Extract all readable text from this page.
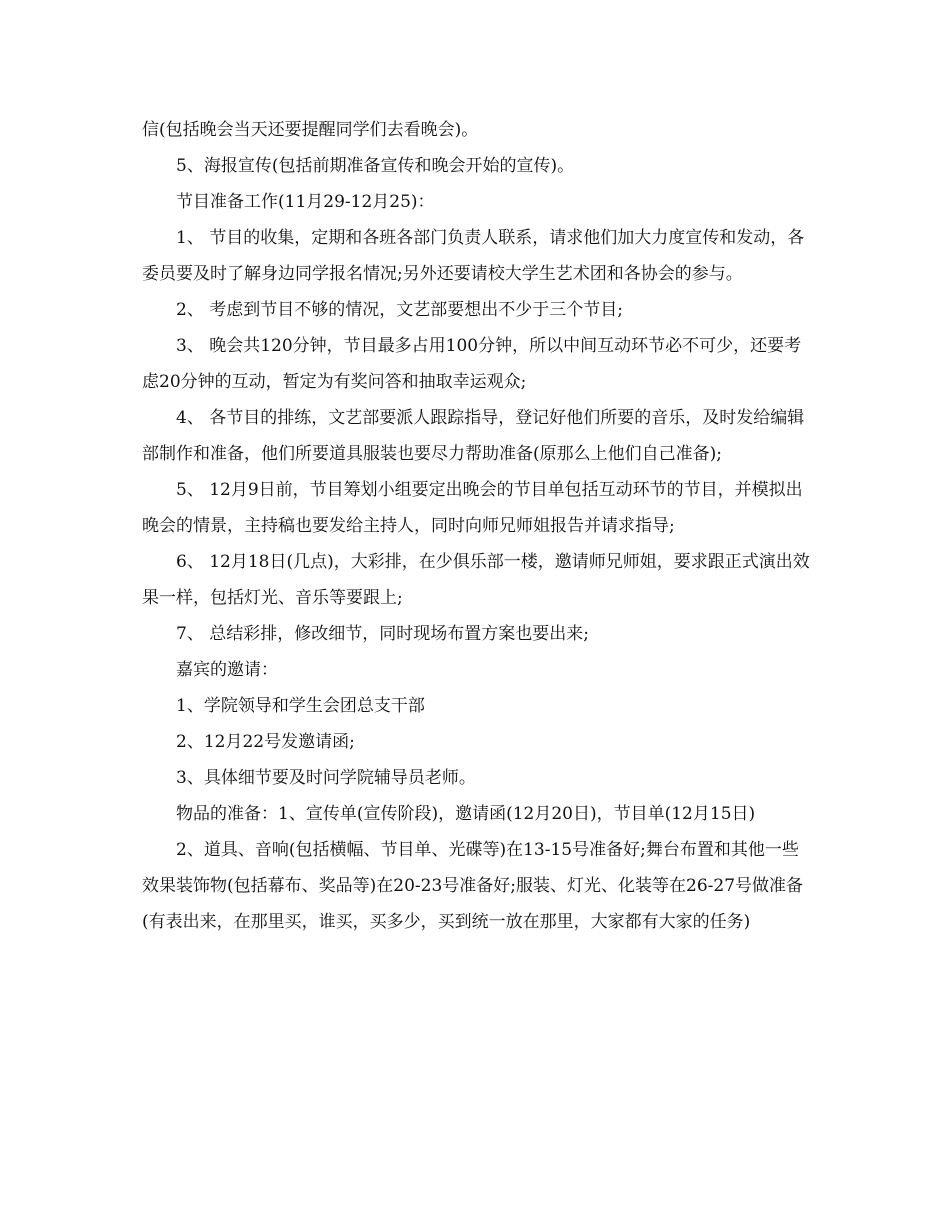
信(包括晚会当天还要提醒同学们去看晚会)。

5、海报宣传(包括前期准备宣传和晚会开始的宣传)。

节目准备工作(11月29-12月25)：

1、 节目的收集，定期和各班各部门负责人联系，请求他们加大力度宣传和发动，各委员要及时了解身边同学报名情况;另外还要请校大学生艺术团和各协会的参与。

2、 考虑到节目不够的情况，文艺部要想出不少于三个节目;

3、 晚会共120分钟，节目最多占用100分钟，所以中间互动环节必不可少，还要考虑20分钟的互动，暂定为有奖问答和抽取幸运观众;

4、 各节目的排练，文艺部要派人跟踪指导，登记好他们所要的音乐，及时发给编辑部制作和准备，他们所要道具服装也要尽力帮助准备(原那么上他们自己准备);

5、 12月9日前，节目筹划小组要定出晚会的节目单包括互动环节的节目，并模拟出晚会的情景，主持稿也要发给主持人，同时向师兄师姐报告并请求指导;

6、 12月18日(几点)，大彩排，在少俱乐部一楼，邀请师兄师姐，要求跟正式演出效果一样，包括灯光、音乐等要跟上;

7、 总结彩排，修改细节，同时现场布置方案也要出来;

嘉宾的邀请：

1、学院领导和学生会团总支干部

2、12月22号发邀请函;

3、具体细节要及时问学院辅导员老师。

物品的准备：1、宣传单(宣传阶段)，邀请函(12月20日)，节目单(12月15日)

2、道具、音响(包括横幅、节目单、光碟等)在13-15号准备好;舞台布置和其他一些效果装饰物(包括幕布、奖品等)在20-23号准备好;服装、灯光、化装等在26-27号做准备(有表出来，在那里买，谁买，买多少，买到统一放在那里，大家都有大家的任务)
